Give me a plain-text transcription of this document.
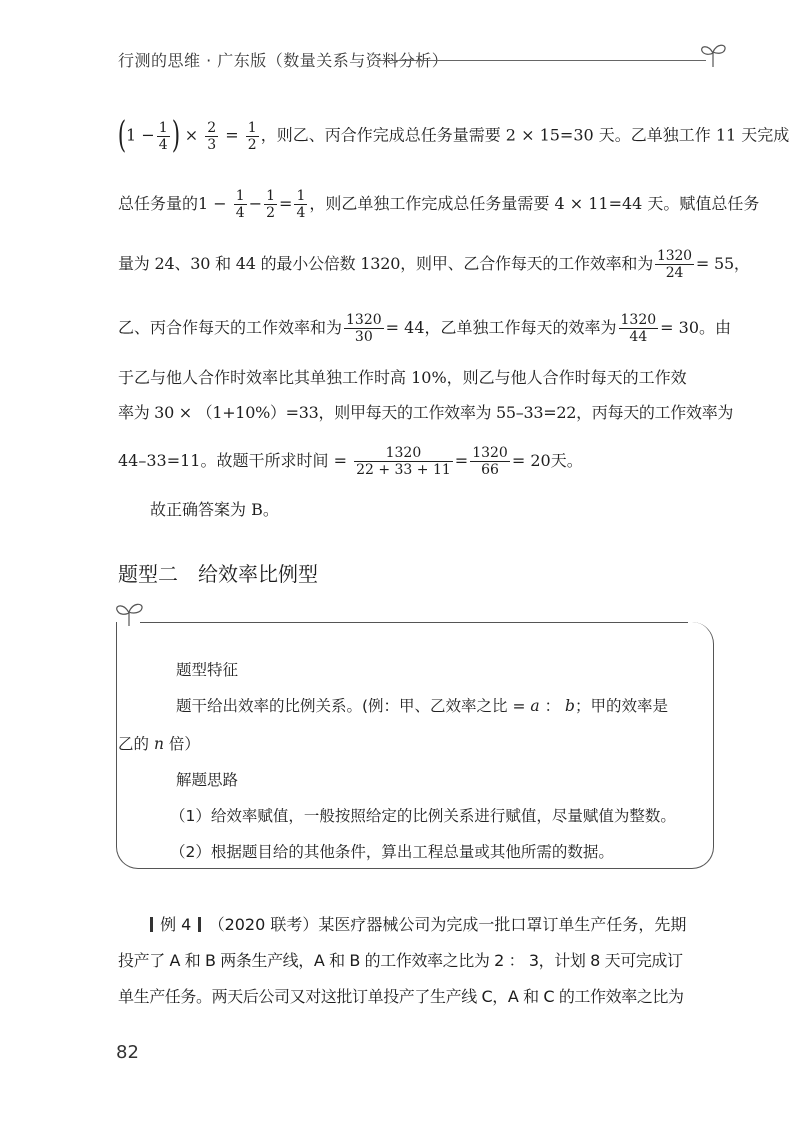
行测的思维 · 广东版（数量关系与资料分析）
($1 - \frac{1}{4}$ ) × $\frac{2}{3} = \frac{1}{2}$ ，则乙、丙合作完成总任务量需要 2 × 15=30 天。乙单独工作 11 天完成
总任务量的$1 - \frac{1}{4} - \frac{1}{2} = \frac{1}{4}$ ，则乙单独工作完成总任务量需要 4 × 11=44 天。赋值总任务
量为 24、30 和 44 的最小公倍数 1320，则甲、乙合作每天的工作效率和为 $\frac{1320}{24} = 55$，
乙、丙合作每天的工作效率和为 $\frac{1320}{30} = 44$，乙单独工作每天的效率为 $\frac{1320}{44} = 30$。由
于乙与他人合作时效率比其单独工作时高 10%，则乙与他人合作时每天的工作效
率为 30 × （1+10%）=33，则甲每天的工作效率为 55–33=22，丙每天的工作效率为
44–33=11。故题干所求时间 = $\frac{1320}{22 + 33 + 11} = \frac{1320}{66} = 20$天。
故正确答案为 B。
题型二　给效率比例型
题型特征
题干给出效率的比例关系。(例：甲、乙效率之比 = a ： b；甲的效率是
乙的 n 倍）
解题思路
（1）给效率赋值，一般按照给定的比例关系进行赋值，尽量赋值为整数。
（2）根据题目给的其他条件，算出工程总量或其他所需的数据。
例 4 （2020 联考）某医疗器械公司为完成一批口罩订单生产任务，先期
投产了 A 和 B 两条生产线，A 和 B 的工作效率之比为 2 ： 3，计划 8 天可完成订
单生产任务。两天后公司又对这批订单投产了生产线 C，A 和 C 的工作效率之比为
82
